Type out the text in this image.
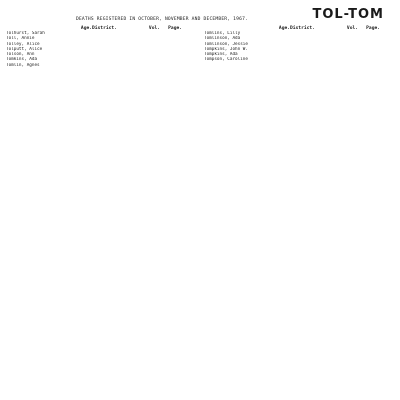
DEATHS REGISTERED IN OCTOBER, NOVEMBER AND DECEMBER, 1967.	TOL-TOM
Age. District.	Vol.	Page.
Tolhurst, Sarah
Toll, Annie
Tolley, Alice
Tolputt, Alice
Tolson, Ann
Tomkins, Ada
Tomlin, Agnes
Age. District.	Vol.	Page.
Tomlins, Lilly
Tomlinson, Ada
Tomlinson, Jessie
Tompkins, John W.
Tompkins, Ada
Tompson, Caroline
